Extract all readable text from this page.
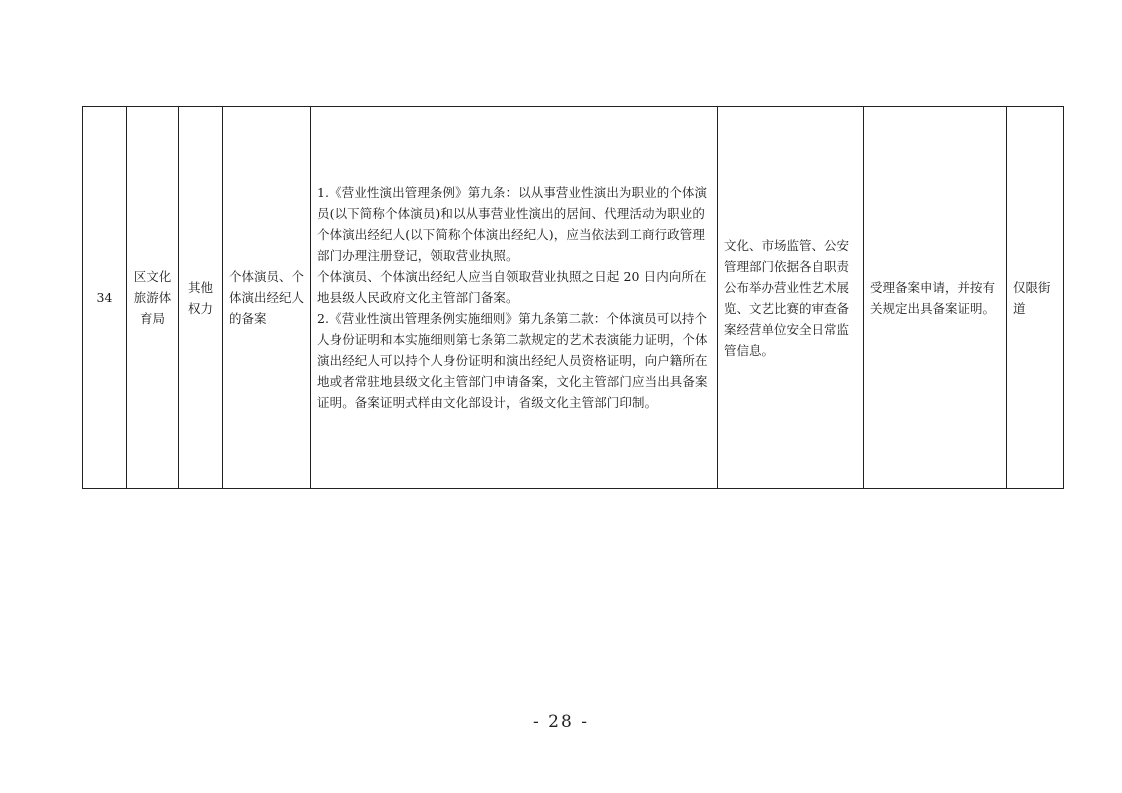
34	区文化旅游体育局	其他权力	个体演员、个体演出经纪人的备案	
1.《营业性演出管理条例》第九条：以从事营业性演出为职业的个体演员(以下简称个体演员)和以从事营业性演出的居间、代理活动为职业的个体演出经纪人(以下简称个体演出经纪人)，应当依法到工商行政管理部门办理注册登记，领取营业执照。
个体演员、个体演出经纪人应当自领取营业执照之日起 20 日内向所在地县级人民政府文化主管部门备案。
2.《营业性演出管理条例实施细则》第九条第二款：个体演员可以持个人身份证明和本实施细则第七条第二款规定的艺术表演能力证明，个体演出经纪人可以持个人身份证明和演出经纪人员资格证明，向户籍所在地或者常驻地县级文化主管部门申请备案，文化主管部门应当出具备案证明。备案证明式样由文化部设计，省级文化主管部门印制。
	文化、市场监管、公安管理部门依据各自职责公布举办营业性艺术展览、文艺比赛的审查备案经营单位安全日常监管信息。	受理备案申请，并按有关规定出具备案证明。	仅限街道
- 28 -
